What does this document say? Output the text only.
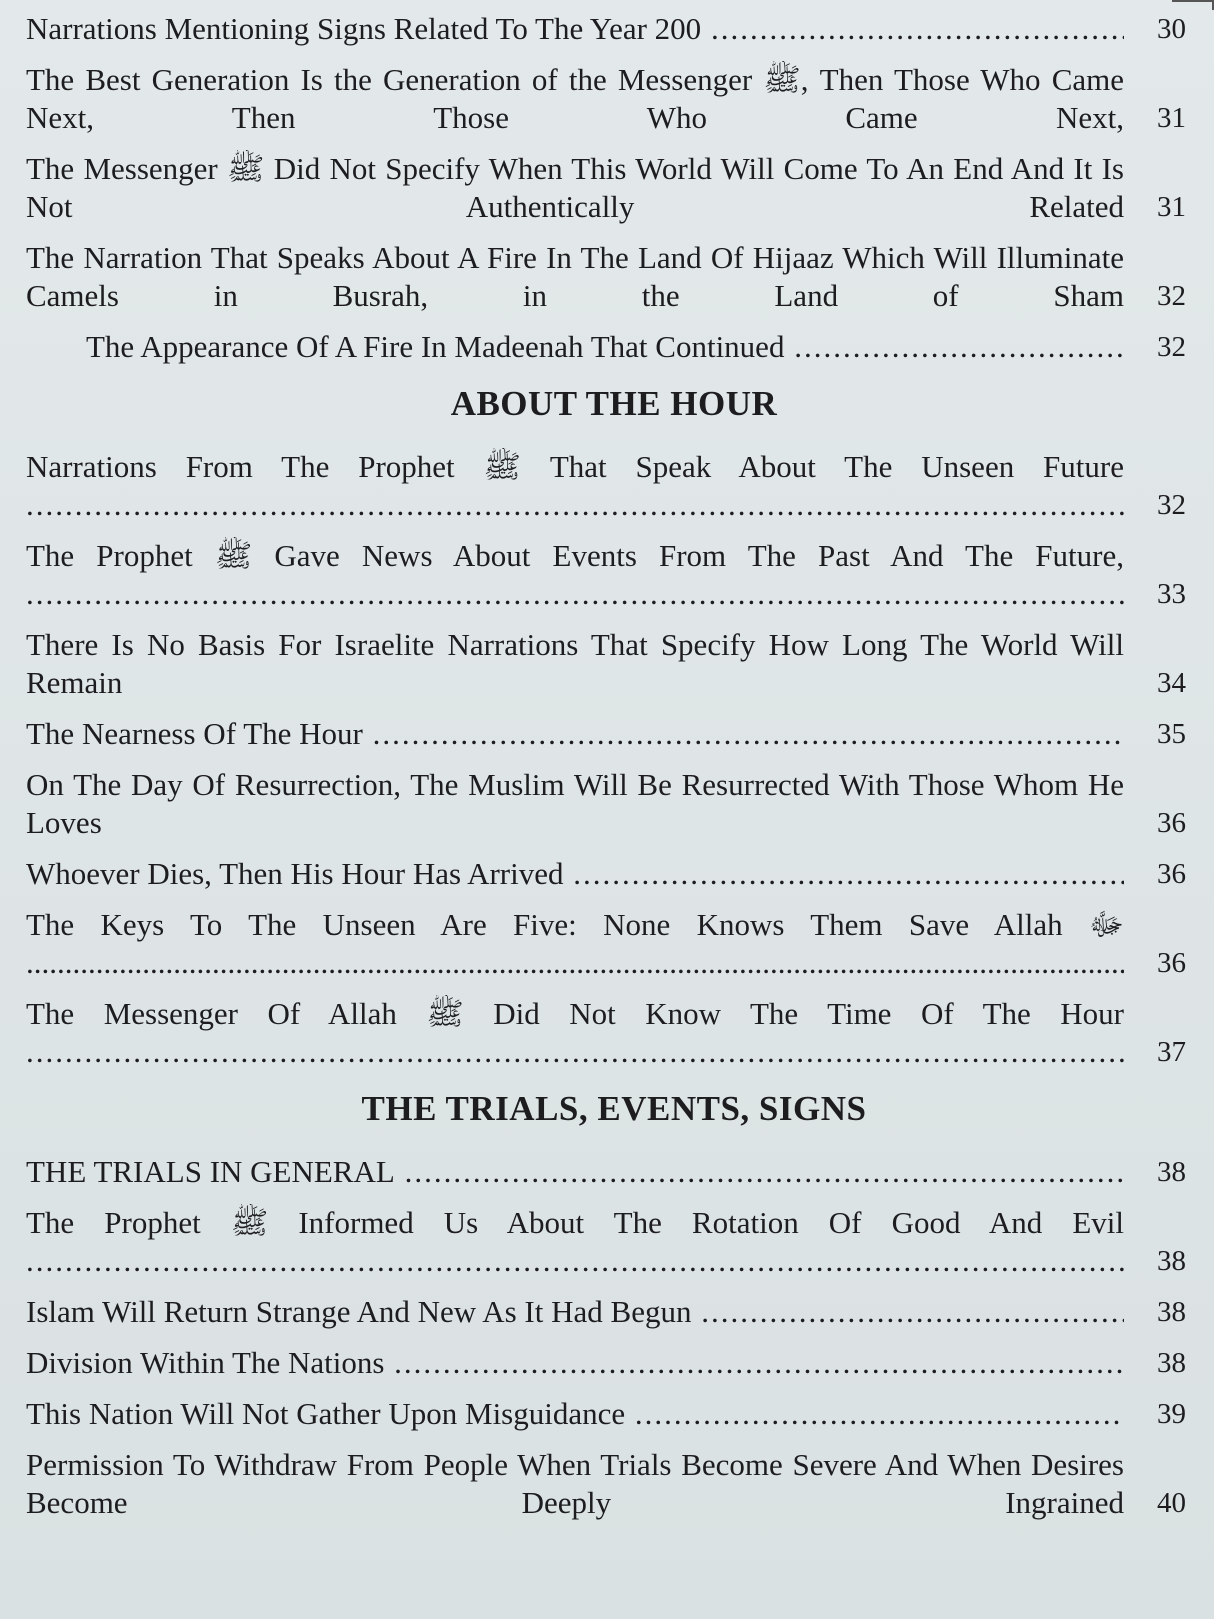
Narrations Mentioning Signs Related To The Year 200 .....	30
The Best Generation Is the Generation of the Messenger ﷺ, Then Those Who Came Next, Then Those Who Came Next, ..... 31
The Messenger ﷺ Did Not Specify When This World Will Come To An End And It Is Not Authentically Related ..... 31
The Narration That Speaks About A Fire In The Land Of Hijaaz Which Will Illuminate Camels in Busrah, in the Land of Sham ..... 32
The Appearance Of A Fire In Madeenah That Continued .....	32
ABOUT THE HOUR
Narrations From The Prophet ﷺ That Speak About The Unseen Future .....
32
The Prophet ﷺ Gave News About Events From The Past And The Future, .....
33
There Is No Basis For Israelite Narrations That Specify How Long The World Will Remain .....	34
The Nearness Of The Hour .....	35
On The Day Of Resurrection, The Muslim Will Be Resurrected With Those Whom He Loves .....	36
Whoever Dies, Then His Hour Has Arrived .....	36
The Keys To The Unseen Are Five: None Knows Them Save Allah ﷻ .....
36
The Messenger Of Allah ﷺ Did Not Know The Time Of The Hour .....
37
THE TRIALS, EVENTS, SIGNS
THE TRIALS IN GENERAL .....	38
The Prophet ﷺ Informed Us About The Rotation Of Good And Evil .....
38
Islam Will Return Strange And New As It Had Begun .....	38
Division Within The Nations .....	38
This Nation Will Not Gather Upon Misguidance .....	39
Permission To Withdraw From People When Trials Become Severe And When Desires Become Deeply Ingrained ..... 40
